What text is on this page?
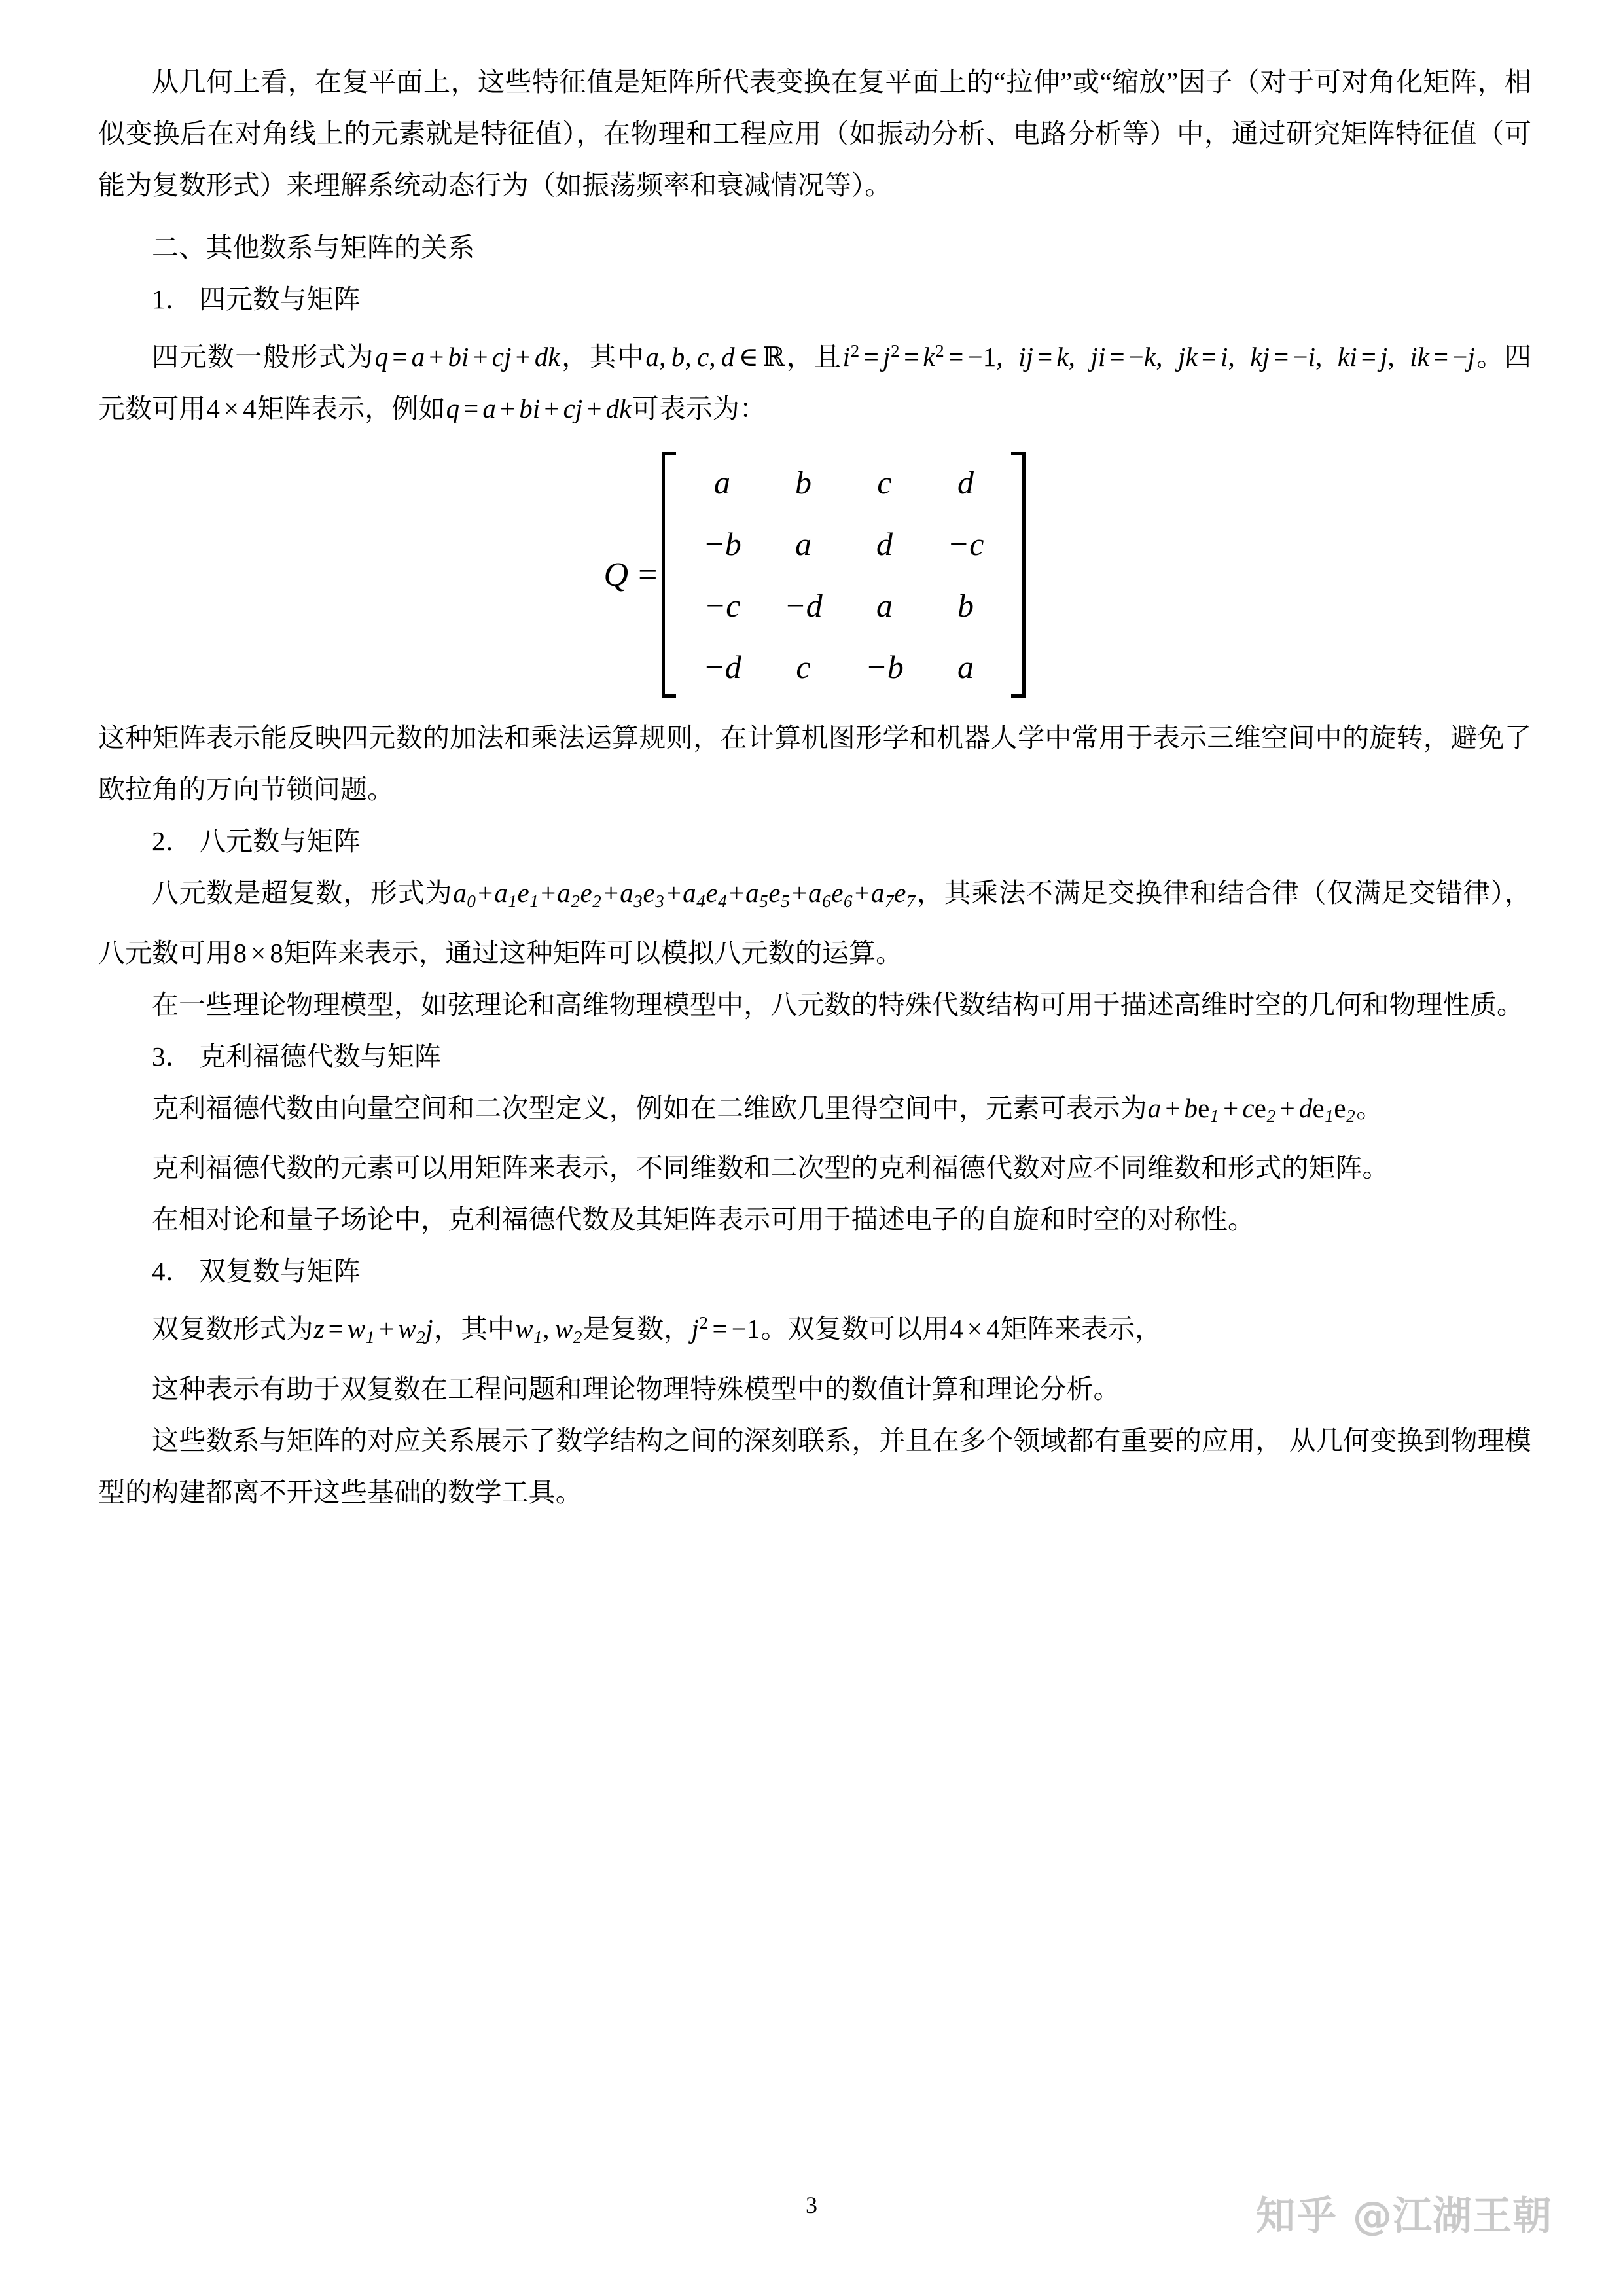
从几何上看，在复平面上，这些特征值是矩阵所代表变换在复平面上的“拉伸”或“缩放”因子（对于可对角化矩阵，相似变换后在对角线上的元素就是特征值），在物理和工程应用（如振动分析、电路分析等）中，通过研究矩阵特征值（可能为复数形式）来理解系统动态行为（如振荡频率和衰减情况等）。

二、其他数系与矩阵的关系

1． 四元数与矩阵

四元数一般形式为q = a + bi + cj + dk，其中a, b, c, d ∈ ℝ，且$i^2 = j^2 = k^2 = -1$,  ij = k,  ji = −k,  jk = i,  kj = −i,  ki = j,  ik = −j。四元数可用4 × 4矩阵表示，例如q = a + bi + cj + dk可表示为：

Q =
a	b	c	d
−b	a	d	−c
−c	−d	a	b
−d	c	−b	a

这种矩阵表示能反映四元数的加法和乘法运算规则，在计算机图形学和机器人学中常用于表示三维空间中的旋转，避免了欧拉角的万向节锁问题。

2． 八元数与矩阵

八元数是超复数，形式为$a_0+a_1e_1+a_2e_2+a_3e_3+a_4e_4+a_5e_5+a_6e_6+a_7e_7$，其乘法不满足交换律和结合律（仅满足交错律），八元数可用8 × 8矩阵来表示，通过这种矩阵可以模拟八元数的运算。

在一些理论物理模型，如弦理论和高维物理模型中，八元数的特殊代数结构可用于描述高维时空的几何和物理性质。

3． 克利福德代数与矩阵

克利福德代数由向量空间和二次型定义，例如在二维欧几里得空间中，元素可表示为$a + be_1 + ce_2 + de_1e_2$。

克利福德代数的元素可以用矩阵来表示，不同维数和二次型的克利福德代数对应不同维数和形式的矩阵。

在相对论和量子场论中，克利福德代数及其矩阵表示可用于描述电子的自旋和时空的对称性。

4． 双复数与矩阵

双复数形式为$z = w_1 + w_2j$，其中$w_1$, $w_2$是复数，$j^2 = -1$。双复数可以用4 × 4矩阵来表示，

这种表示有助于双复数在工程问题和理论物理特殊模型中的数值计算和理论分析。

这些数系与矩阵的对应关系展示了数学结构之间的深刻联系，并且在多个领域都有重要的应用， 从几何变换到物理模型的构建都离不开这些基础的数学工具。

3	知乎 @江湖王朝
